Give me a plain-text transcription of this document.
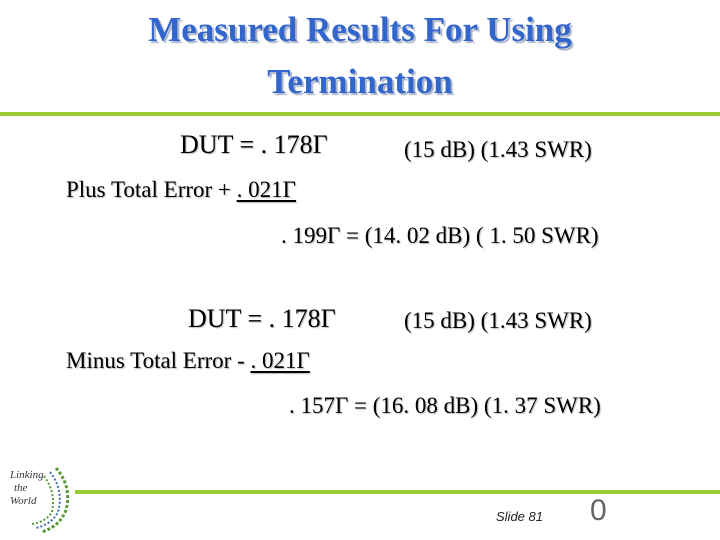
Measured Results For Using
Termination
DUT = . 178Γ	(15 dB) (1.43 SWR)
Plus Total Error + . 021Γ
. 199Γ = (14. 02 dB) ( 1. 50 SWR)
DUT = . 178Γ	(15 dB) (1.43 SWR)
Minus Total Error - . 021Γ
. 157Γ = (16. 08 dB) (1. 37 SWR)
Linking
the
World
Slide 81 0
